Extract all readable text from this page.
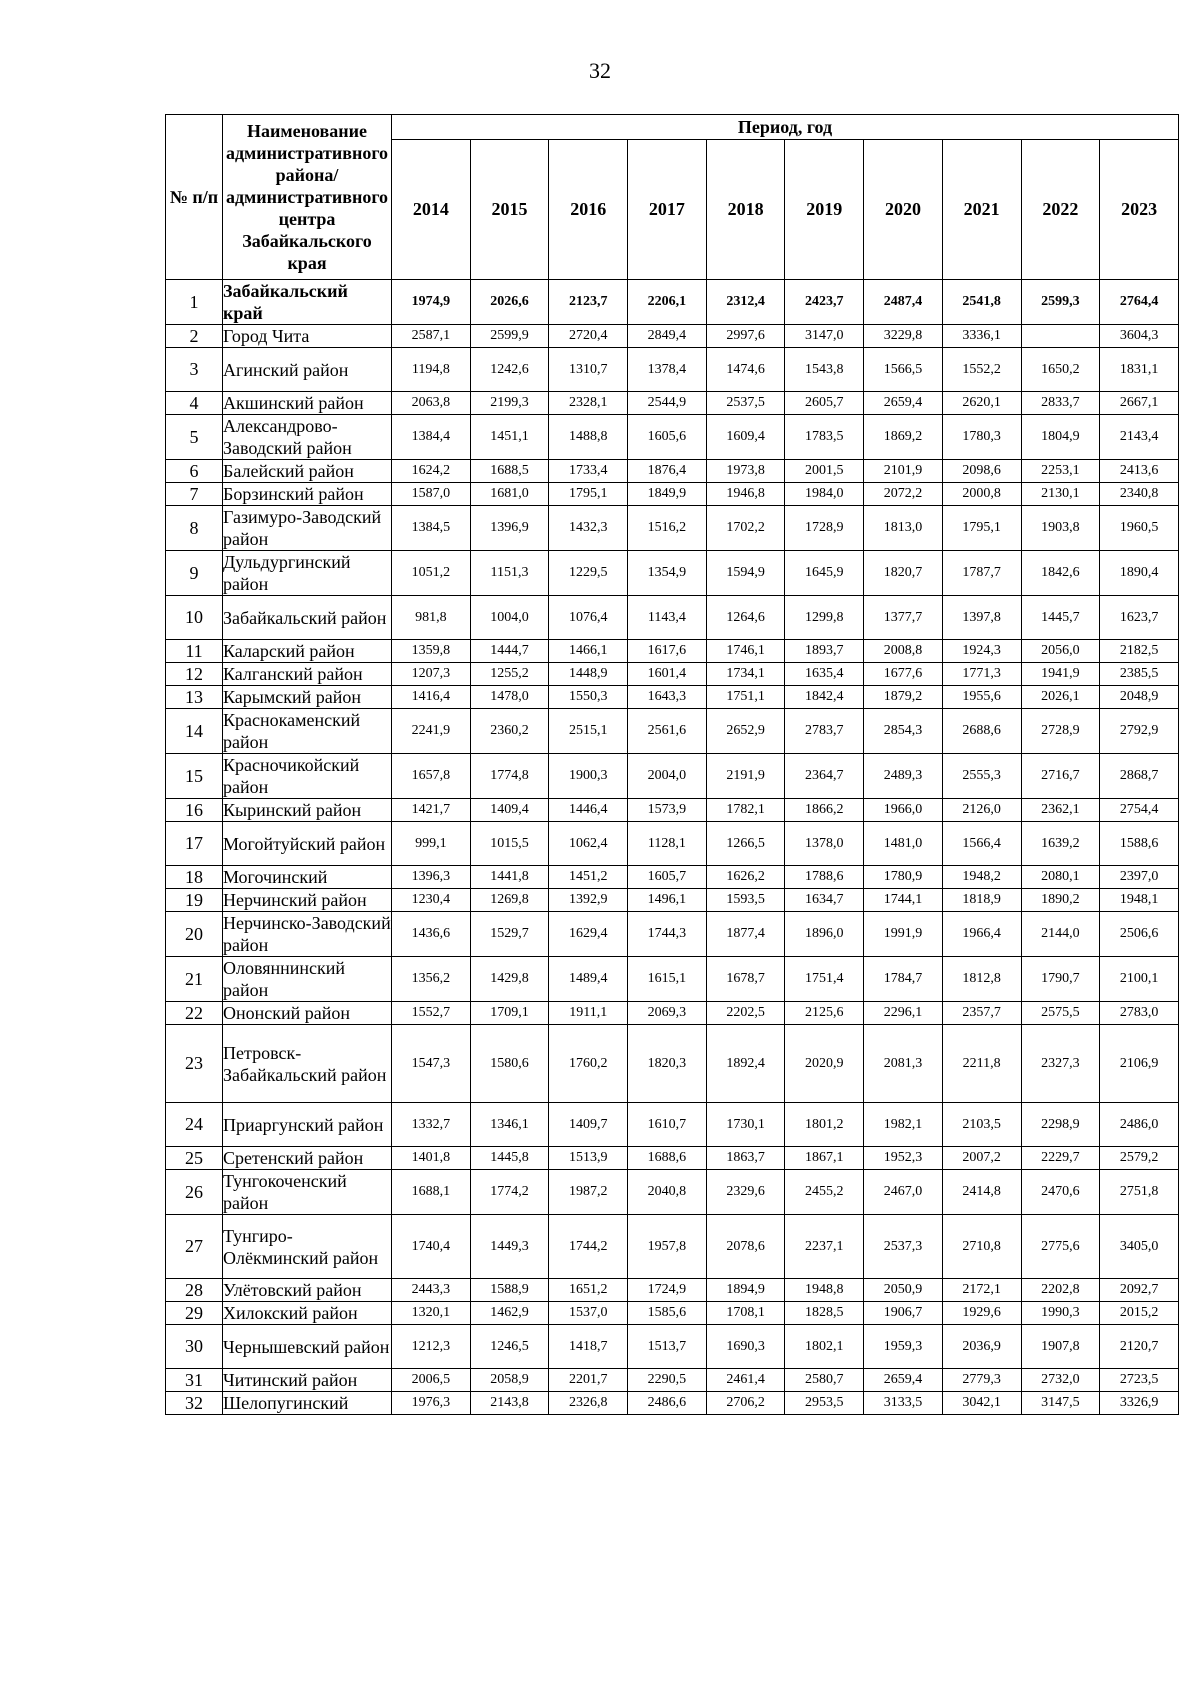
32
№ п/п	Наименование административного района/ административного центра Забайкальского края	Период, год									
		2014	2015	2016	2017	2018	2019	2020	2021	2022	2023
1	Забайкальский край	1974,9	2026,6	2123,7	2206,1	2312,4	2423,7	2487,4	2541,8	2599,3	2764,4
2	Город Чита	2587,1	2599,9	2720,4	2849,4	2997,6	3147,0	3229,8	3336,1		3604,3
3	Агинский район	1194,8	1242,6	1310,7	1378,4	1474,6	1543,8	1566,5	1552,2	1650,2	1831,1
4	Акшинский район	2063,8	2199,3	2328,1	2544,9	2537,5	2605,7	2659,4	2620,1	2833,7	2667,1
5	Александрово-Заводский район	1384,4	1451,1	1488,8	1605,6	1609,4	1783,5	1869,2	1780,3	1804,9	2143,4
6	Балейский район	1624,2	1688,5	1733,4	1876,4	1973,8	2001,5	2101,9	2098,6	2253,1	2413,6
7	Борзинский район	1587,0	1681,0	1795,1	1849,9	1946,8	1984,0	2072,2	2000,8	2130,1	2340,8
8	Газимуро-Заводский район	1384,5	1396,9	1432,3	1516,2	1702,2	1728,9	1813,0	1795,1	1903,8	1960,5
9	Дульдургинский район	1051,2	1151,3	1229,5	1354,9	1594,9	1645,9	1820,7	1787,7	1842,6	1890,4
10	Забайкальский район	981,8	1004,0	1076,4	1143,4	1264,6	1299,8	1377,7	1397,8	1445,7	1623,7
11	Каларский район	1359,8	1444,7	1466,1	1617,6	1746,1	1893,7	2008,8	1924,3	2056,0	2182,5
12	Калганский район	1207,3	1255,2	1448,9	1601,4	1734,1	1635,4	1677,6	1771,3	1941,9	2385,5
13	Карымский район	1416,4	1478,0	1550,3	1643,3	1751,1	1842,4	1879,2	1955,6	2026,1	2048,9
14	Краснокаменский район	2241,9	2360,2	2515,1	2561,6	2652,9	2783,7	2854,3	2688,6	2728,9	2792,9
15	Красночикойский район	1657,8	1774,8	1900,3	2004,0	2191,9	2364,7	2489,3	2555,3	2716,7	2868,7
16	Кыринский район	1421,7	1409,4	1446,4	1573,9	1782,1	1866,2	1966,0	2126,0	2362,1	2754,4
17	Могойтуйский район	999,1	1015,5	1062,4	1128,1	1266,5	1378,0	1481,0	1566,4	1639,2	1588,6
18	Могочинский	1396,3	1441,8	1451,2	1605,7	1626,2	1788,6	1780,9	1948,2	2080,1	2397,0
19	Нерчинский район	1230,4	1269,8	1392,9	1496,1	1593,5	1634,7	1744,1	1818,9	1890,2	1948,1
20	Нерчинско-Заводский район	1436,6	1529,7	1629,4	1744,3	1877,4	1896,0	1991,9	1966,4	2144,0	2506,6
21	Оловяннинский район	1356,2	1429,8	1489,4	1615,1	1678,7	1751,4	1784,7	1812,8	1790,7	2100,1
22	Ононский район	1552,7	1709,1	1911,1	2069,3	2202,5	2125,6	2296,1	2357,7	2575,5	2783,0
23	Петровск-Забайкальский район	1547,3	1580,6	1760,2	1820,3	1892,4	2020,9	2081,3	2211,8	2327,3	2106,9
24	Приаргунский район	1332,7	1346,1	1409,7	1610,7	1730,1	1801,2	1982,1	2103,5	2298,9	2486,0
25	Сретенский район	1401,8	1445,8	1513,9	1688,6	1863,7	1867,1	1952,3	2007,2	2229,7	2579,2
26	Тунгокоченский район	1688,1	1774,2	1987,2	2040,8	2329,6	2455,2	2467,0	2414,8	2470,6	2751,8
27	Тунгиро-Олёкминский район	1740,4	1449,3	1744,2	1957,8	2078,6	2237,1	2537,3	2710,8	2775,6	3405,0
28	Улётовский район	2443,3	1588,9	1651,2	1724,9	1894,9	1948,8	2050,9	2172,1	2202,8	2092,7
29	Хилокский район	1320,1	1462,9	1537,0	1585,6	1708,1	1828,5	1906,7	1929,6	1990,3	2015,2
30	Чернышевский район	1212,3	1246,5	1418,7	1513,7	1690,3	1802,1	1959,3	2036,9	1907,8	2120,7
31	Читинский район	2006,5	2058,9	2201,7	2290,5	2461,4	2580,7	2659,4	2779,3	2732,0	2723,5
32	Шелопугинский	1976,3	2143,8	2326,8	2486,6	2706,2	2953,5	3133,5	3042,1	3147,5	3326,9
